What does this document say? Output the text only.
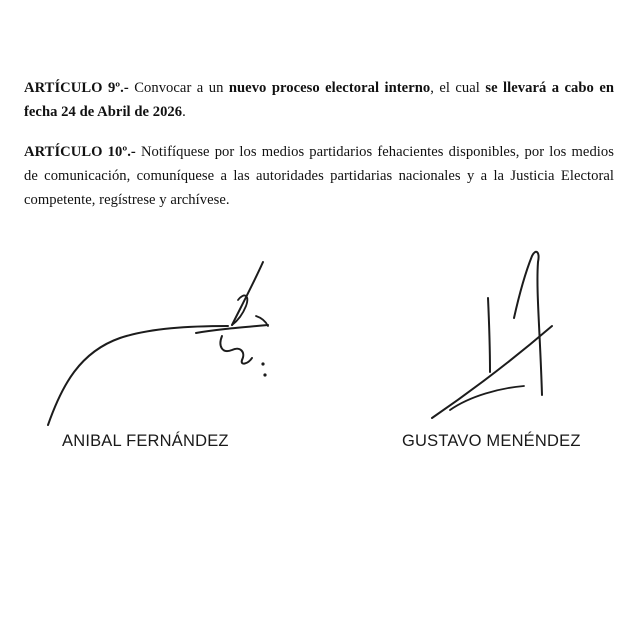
ARTÍCULO 9º.- Convocar a un nuevo proceso electoral interno, el cual se llevará a cabo en fecha 24 de Abril de 2026.

ARTÍCULO 10º.- Notifíquese por los medios partidarios fehacientes disponibles, por los medios de comunicación, comuníquese a las autoridades partidarias nacionales y a la Justicia Electoral competente, regístrese y archívese.

ANIBAL FERNÁNDEZ	GUSTAVO MENÉNDEZ
